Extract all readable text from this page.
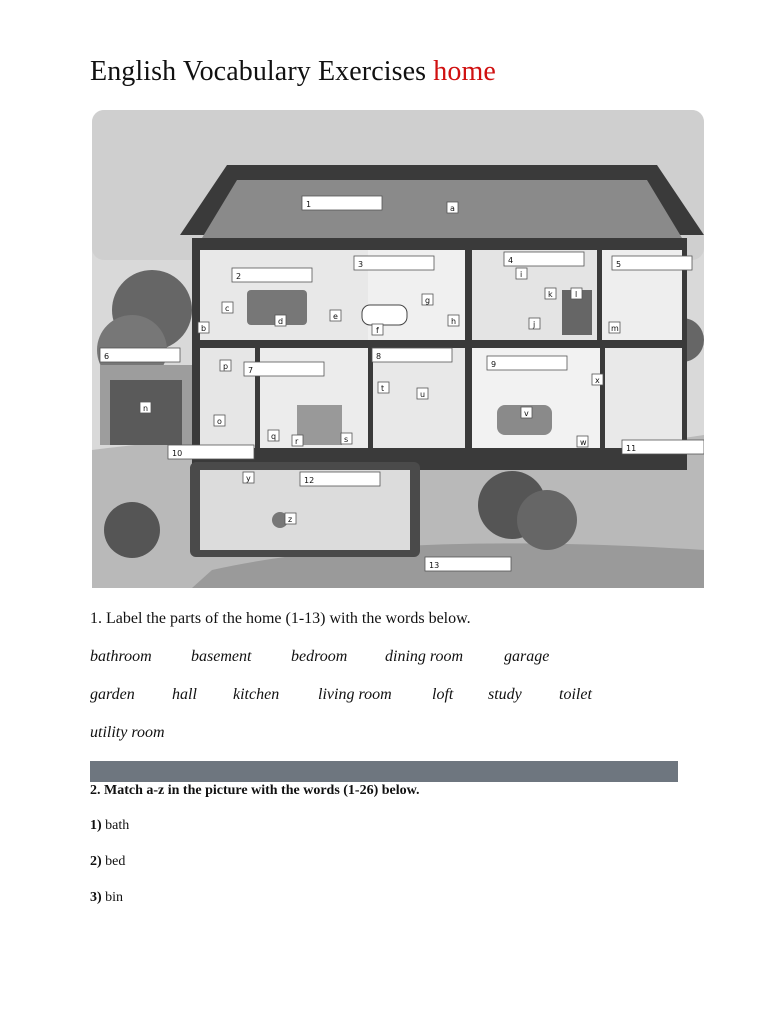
English Vocabulary Exercises home
1
2
3	4	5
6
7
8
9
10
11
12
13
a
b
c
d
e
f
g
h
i
j
k	l
m
n
o
p
q
r	s
t
u
v
w
x
y
z
1. Label the parts of the home (1-13) with the words below.
bathroom basement bedroom dining room	garage
garden hall kitchen living room	loft study toilet
utility room
2. Match a-z in the picture with the words (1-26) below.
1) bath
2) bed
3) bin
